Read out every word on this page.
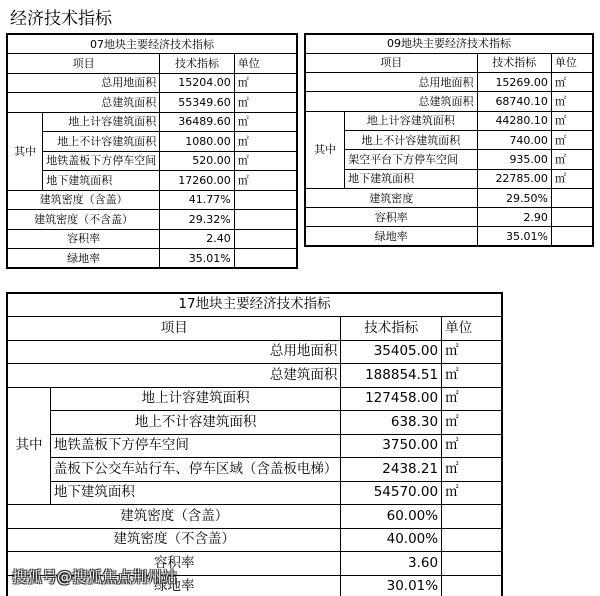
经济技术指标
07地块主要经济技术指标			
项目		技术指标	单位
总用地面积		15204.00	㎡
总建筑面积		55349.60	㎡
其中	地上计容建筑面积	36489.60	㎡
	地上不计容建筑面积	1080.00	㎡
	地铁盖板下方停车空间	520.00	㎡
	地下建筑面积	17260.00	㎡
建筑密度（含盖）		41.77%	
建筑密度（不含盖）		29.32%	
容积率		2.40	
绿地率		35.01%	
09地块主要经济技术指标			
项目		技术指标	单位
总用地面积		15269.00	㎡
总建筑面积		68740.10	㎡
其中	地上计容建筑面积	44280.10	㎡
	地上不计容建筑面积	740.00	㎡
	架空平台下方停车空间	935.00	㎡
	地下建筑面积	22785.00	㎡
建筑密度		29.50%	
容积率		2.90	
绿地率		35.01%	
17地块主要经济技术指标			
项目		技术指标	单位
总用地面积		35405.00	㎡
总建筑面积		188854.51	㎡
其中	地上计容建筑面积	127458.00	㎡
	地上不计容建筑面积	638.30	㎡
	地铁盖板下方停车空间	3750.00	㎡
	盖板下公交车站行车、停车区域（含盖板电梯）	2438.21	㎡
	地下建筑面积	54570.00	㎡
建筑密度（含盖）		60.00%	
建筑密度（不含盖）		40.00%	
容积率		3.60	
绿地率		30.01%	
搜狐号@搜狐焦点荆州站
